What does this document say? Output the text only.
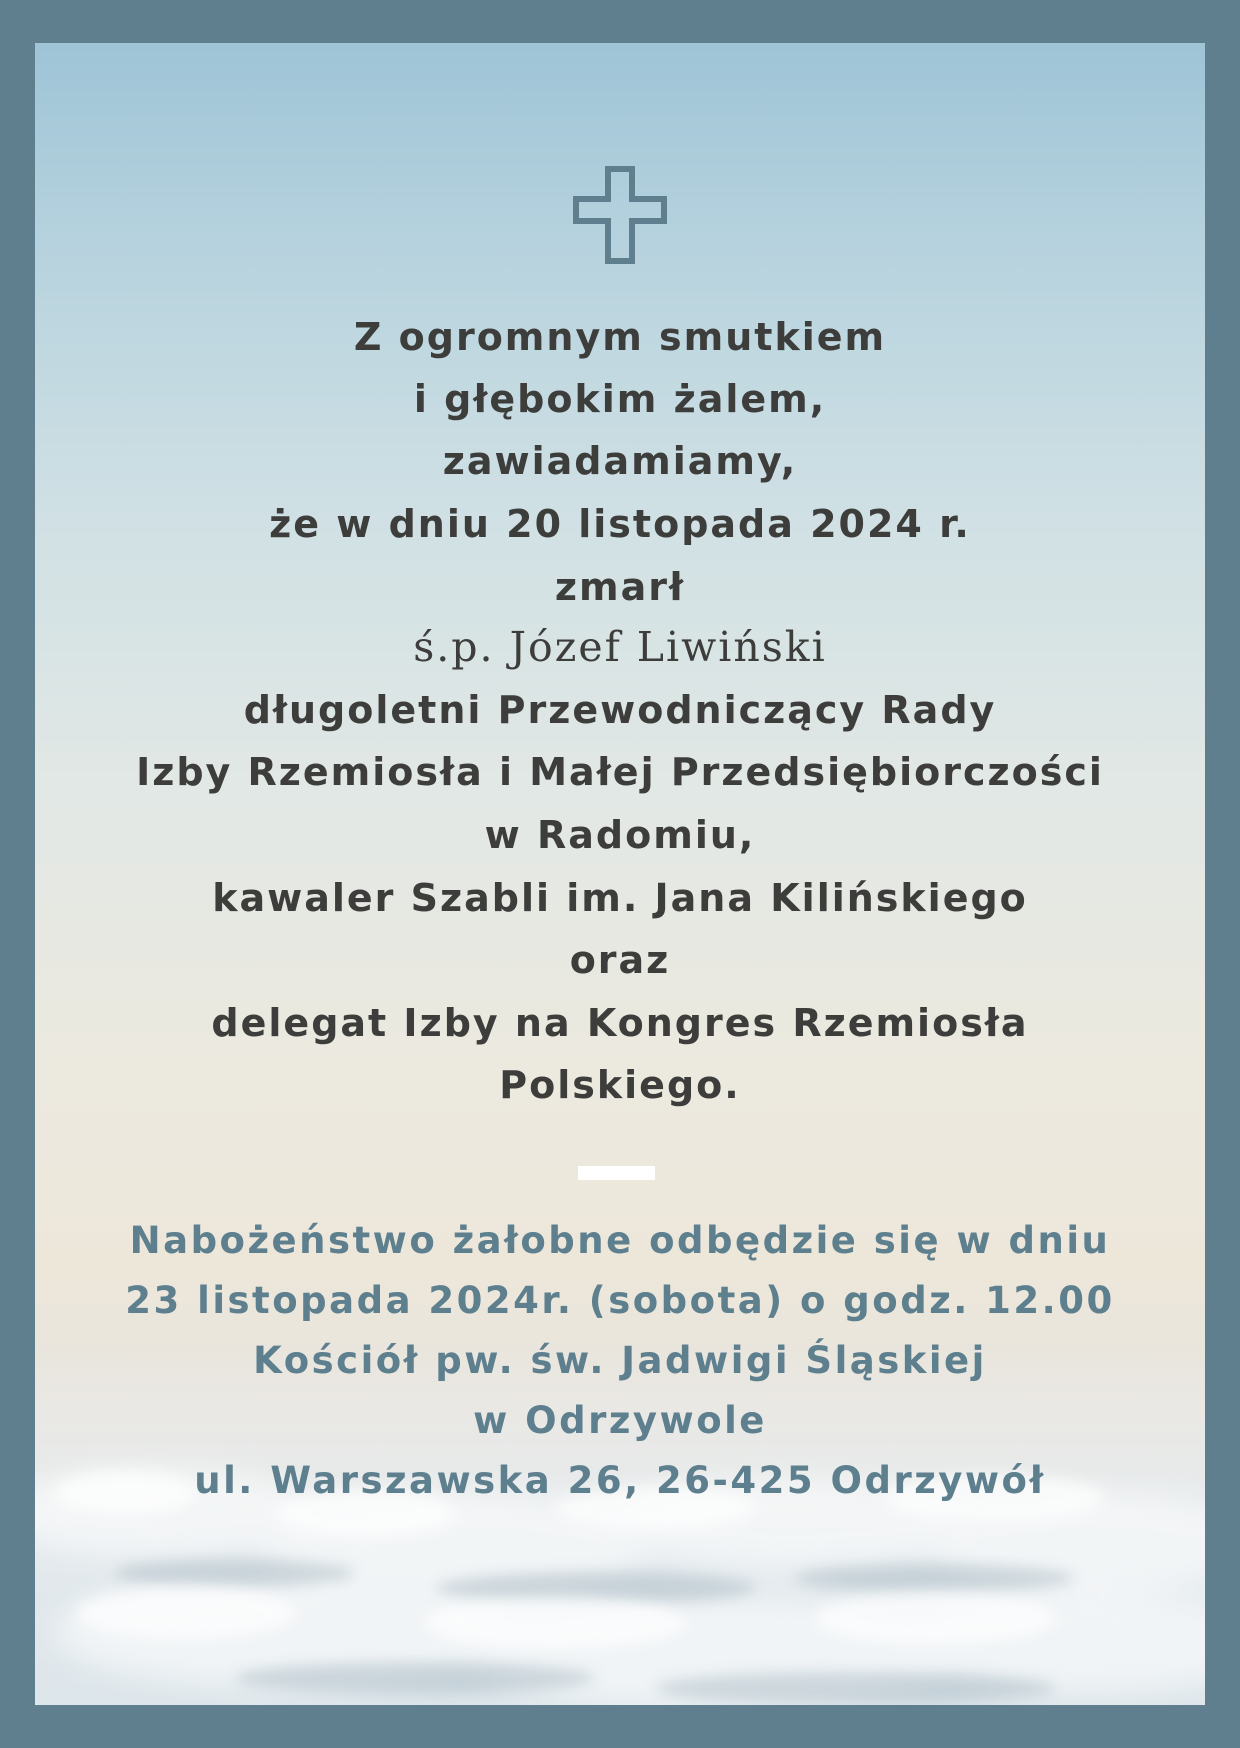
Z ogromnym smutkiem
i głębokim żalem,
zawiadamiamy,
że w dniu 20 listopada 2024 r.
zmarł
ś.p. Józef Liwiński
długoletni Przewodniczący Rady
Izby Rzemiosła i Małej Przedsiębiorczości
w Radomiu,
kawaler Szabli im. Jana Kilińskiego
oraz
delegat Izby na Kongres Rzemiosła
Polskiego.
Nabożeństwo żałobne odbędzie się w dniu
23 listopada 2024r. (sobota) o godz. 12.00
Kościół pw. św. Jadwigi Śląskiej
w Odrzywole
ul. Warszawska 26, 26-425 Odrzywół
